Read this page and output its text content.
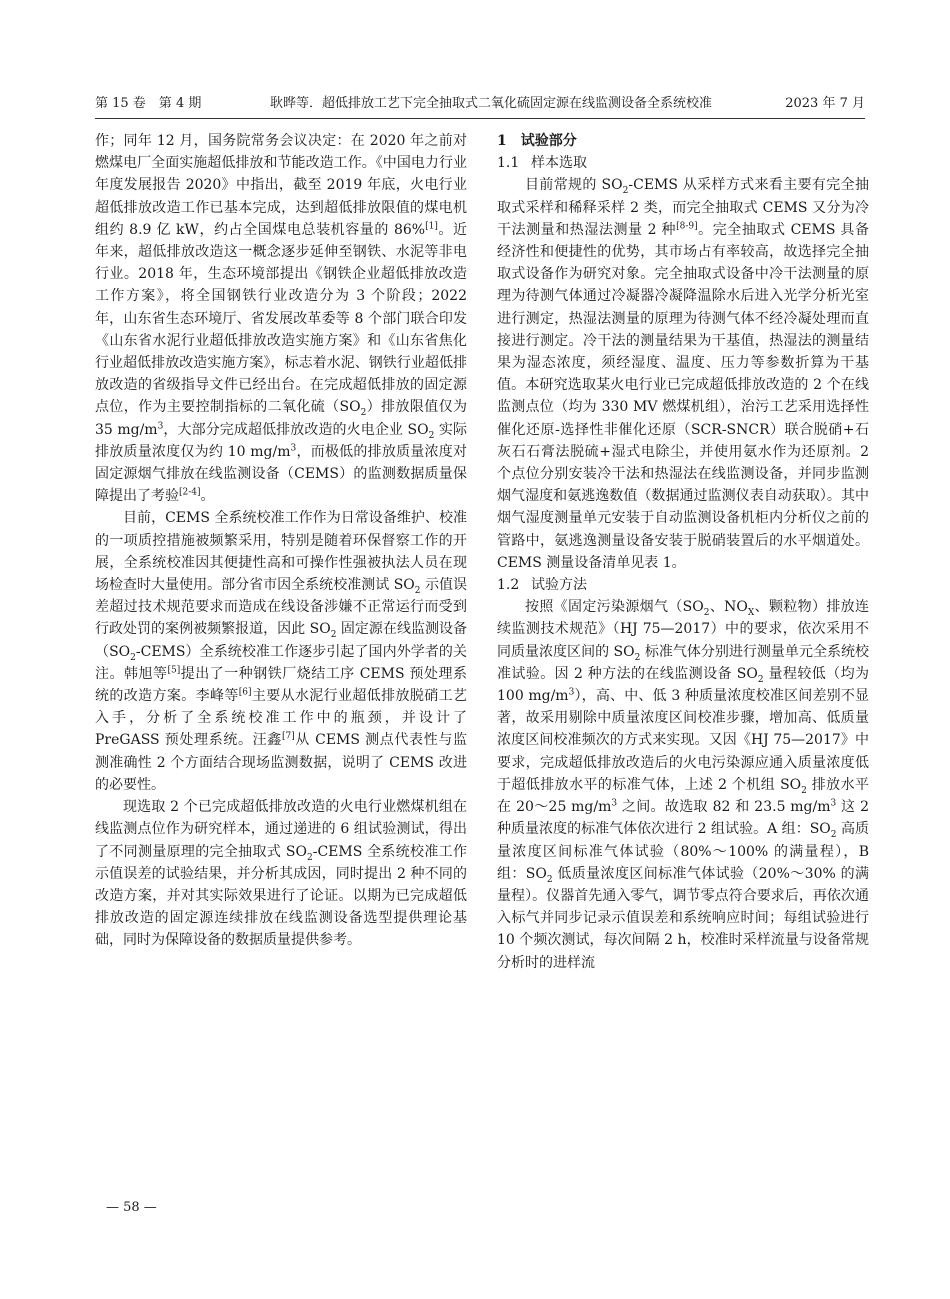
第 15 卷　第 4 期	耿晔等．超低排放工艺下完全抽取式二氧化硫固定源在线监测设备全系统校准	2023 年 7 月

作；同年 12 月，国务院常务会议决定：在 2020 年之前对燃煤电厂全面实施超低排放和节能改造工作。《中国电力行业年度发展报告 2020》中指出，截至 2019 年底，火电行业超低排放改造工作已基本完成，达到超低排放限值的煤电机组约 8.9 亿 kW，约占全国煤电总装机容量的 86%[1]。近年来，超低排放改造这一概念逐步延伸至钢铁、水泥等非电行业。2018 年，生态环境部提出《钢铁企业超低排放改造工作方案》，将全国钢铁行业改造分为 3 个阶段；2022 年，山东省生态环境厅、省发展改革委等 8 个部门联合印发《山东省水泥行业超低排放改造实施方案》和《山东省焦化行业超低排放改造实施方案》，标志着水泥、钢铁行业超低排放改造的省级指导文件已经出台。在完成超低排放的固定源点位，作为主要控制指标的二氧化硫$(SO_2)$排放限值仅为 35 $mg/m^3$，大部分完成超低排放改造的火电企业 $SO_2$ 实际排放质量浓度仅为约 10 $mg/m^3$，而极低的排放质量浓度对固定源烟气排放在线监测设备（CEMS）的监测数据质量保障提出了考验[2-4]。

目前，CEMS 全系统校准工作作为日常设备维护、校准的一项质控措施被频繁采用，特别是随着环保督察工作的开展，全系统校准因其便捷性高和可操作性强被执法人员在现场检查时大量使用。部分省市因全系统校准测试 $SO_2$ 示值误差超过技术规范要求而造成在线设备涉嫌不正常运行而受到行政处罚的案例被频繁报道，因此 $SO_2$ 固定源在线监测设备$(SO_2-CEMS)$全系统校准工作逐步引起了国内外学者的关注。韩旭等[5]提出了一种钢铁厂烧结工序 CEMS 预处理系统的改造方案。李峰等[6]主要从水泥行业超低排放脱硝工艺入手，分析了全系统校准工作中的瓶颈，并设计了 PreGASS 预处理系统。汪鑫[7]从 CEMS 测点代表性与监测准确性 2 个方面结合现场监测数据，说明了 CEMS 改进的必要性。

现选取 2 个已完成超低排放改造的火电行业燃煤机组在线监测点位作为研究样本，通过递进的 6 组试验测试，得出了不同测量原理的完全抽取式 $SO_2$-CEMS 全系统校准工作示值误差的试验结果，并分析其成因，同时提出 2 种不同的改造方案，并对其实际效果进行了论证。以期为已完成超低排放改造的固定源连续排放在线监测设备选型提供理论基础，同时为保障设备的数据质量提供参考。

1　试验部分

1.1 样本选取

目前常规的 $SO_2$-CEMS 从采样方式来看主要有完全抽取式采样和稀释采样 2 类，而完全抽取式 CEMS 又分为冷干法测量和热湿法测量 2 种[8-9]。完全抽取式 CEMS 具备经济性和便捷性的优势，其市场占有率较高，故选择完全抽取式设备作为研究对象。完全抽取式设备中冷干法测量的原理为待测气体通过冷凝器冷凝降温除水后进入光学分析光室进行测定，热湿法测量的原理为待测气体不经冷凝处理而直接进行测定。冷干法的测量结果为干基值，热湿法的测量结果为湿态浓度，须经湿度、温度、压力等参数折算为干基值。本研究选取某火电行业已完成超低排放改造的 2 个在线监测点位（均为 330 MV 燃煤机组），治污工艺采用选择性催化还原-选择性非催化还原（SCR-SNCR）联合脱硝+石灰石石膏法脱硫+湿式电除尘，并使用氨水作为还原剂。2 个点位分别安装冷干法和热湿法在线监测设备，并同步监测烟气湿度和氨逃逸数值（数据通过监测仪表自动获取）。其中烟气湿度测量单元安装于自动监测设备机柜内分析仪之前的管路中，氨逃逸测量设备安装于脱硝装置后的水平烟道处。CEMS 测量设备清单见表 1。

1.2 试验方法

按照《固定污染源烟气（$SO_2$、$NO_X$、颗粒物）排放连续监测技术规范》（HJ 75—2017）中的要求，依次采用不同质量浓度区间的 $SO_2$ 标准气体分别进行测量单元全系统校准试验。因 2 种方法的在线监测设备 $SO_2$ 量程较低（均为 100 $mg/m^3$），高、中、低 3 种质量浓度校准区间差别不显著，故采用剔除中质量浓度区间校准步骤，增加高、低质量浓度区间校准频次的方式来实现。又因《HJ 75—2017》中要求，完成超低排放改造后的火电污染源应通入质量浓度低于超低排放水平的标准气体，上述 2 个机组 $SO_2$ 排放水平在 20～25 $mg/m^3$ 之间。故选取 82 和 23.5 $mg/m^3$ 这 2 种质量浓度的标准气体依次进行 2 组试验。A 组：$SO_2$ 高质量浓度区间标准气体试验（80%～100% 的满量程），B 组：$SO_2$ 低质量浓度区间标准气体试验（20%～30% 的满量程）。仪器首先通入零气，调节零点符合要求后，再依次通入标气并同步记录示值误差和系统响应时间；每组试验进行 10 个频次测试，每次间隔 2 h，校准时采样流量与设备常规分析时的进样流

— 58 —
